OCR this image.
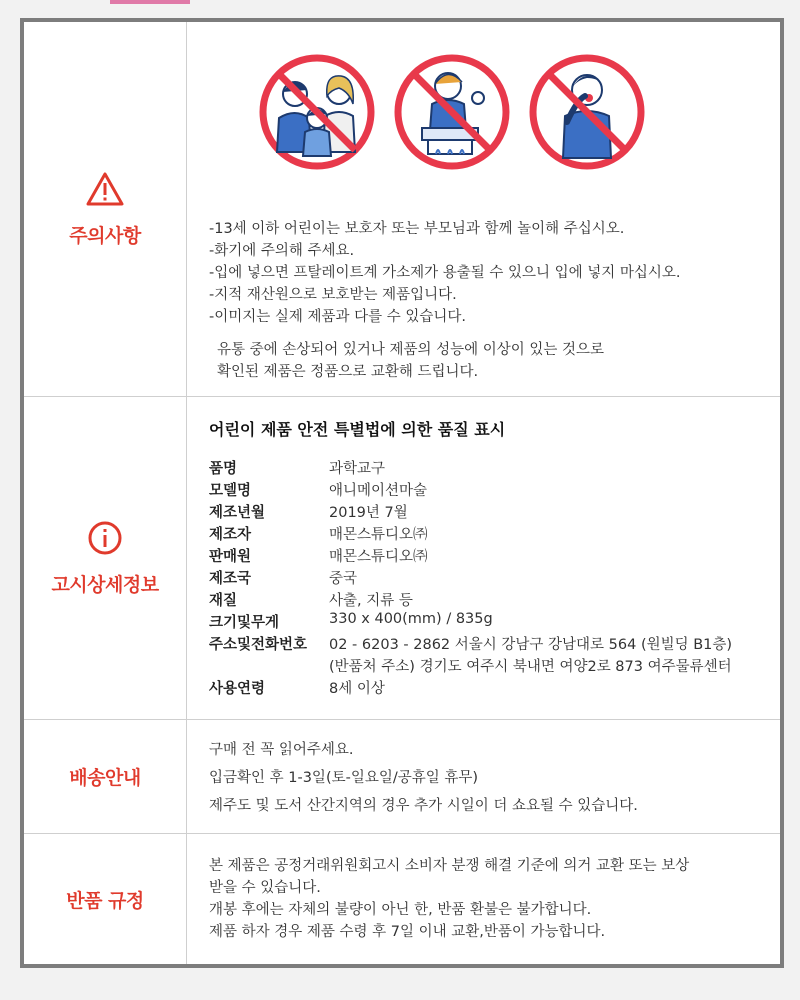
주의사항	-13세 이하 어린이는 보호자 또는 부모님과 함께 놀이해 주십시오.
-화기에 주의해 주세요.
-입에 넣으면 프탈레이트계 가소제가 용출될 수 있으니 입에 넣지 마십시오.
-지적 재산원으로 보호받는 제품입니다.
-이미지는 실제 제품과 다를 수 있습니다.
유통 중에 손상되어 있거나 제품의 성능에 이상이 있는 것으로
확인된 제품은 정품으로 교환해 드립니다.
고시상세정보
어린이 제품 안전 특별법에 의한 품질 표시
품명	과학교구
모델명	애니메이션마술
제조년월	2019년 7월
제조자	매몬스튜디오㈜
판매원	매몬스튜디오㈜
제조국	중국
재질	사출, 지류 등
크기및무게	330 x 400(mm) / 835g
주소및전화번호 02 - 6203 - 2862 서울시 강남구 강남대로 564 (원빌딩 B1층)
(반품처 주소) 경기도 여주시 북내면 여양2로 873 여주물류센터
사용연령	8세 이상
배송안내
구매 전 꼭 읽어주세요.
입금확인 후 1-3일(토-일요일/공휴일 휴무)
제주도 및 도서 산간지역의 경우 추가 시일이 더 쇼요될 수 있습니다.
반품 규정
본 제품은 공정거래위원회고시 소비자 분쟁 해결 기준에 의거 교환 또는 보상
받을 수 있습니다.
개봉 후에는 자체의 불량이 아닌 한, 반품 환불은 불가합니다.
제품 하자 경우 제품 수령 후 7일 이내 교환,반품이 가능합니다.
